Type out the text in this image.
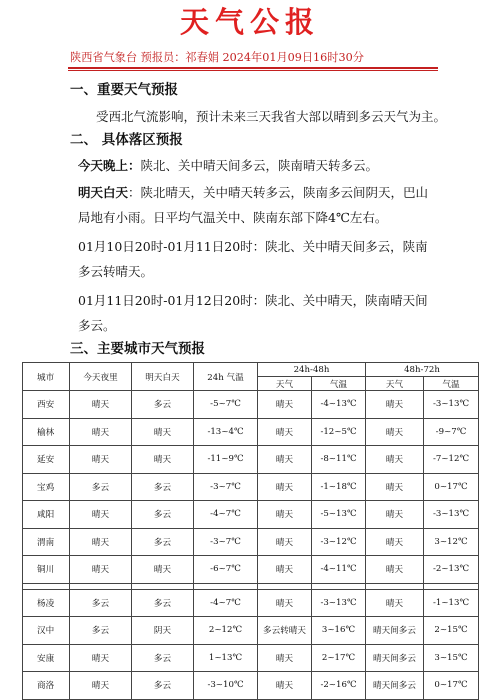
天气公报
陕西省气象台 预报员：祁春娟 2024年01月09日16时30分
一、重要天气预报
受西北气流影响，预计未来三天我省大部以晴到多云天气为主。
二、 具体落区预报
今天晚上：陕北、关中晴天间多云，陕南晴天转多云。
明天白天：陕北晴天，关中晴天转多云，陕南多云间阴天，巴山局地有小雨。日平均气温关中、陕南东部下降4℃左右。
01月10日20时-01月11日20时：陕北、关中晴天间多云，陕南多云转晴天。
01月11日20时-01月12日20时：陕北、关中晴天，陕南晴天间多云。
三、主要城市天气预报
城市	今天夜里	明天白天	24h 气温	24h-48h		48h-72h	
				天气	气温	天气	气温
西安	晴天	多云	-5~7℃	晴天	-4~13℃	晴天	-3~13℃
榆林	晴天	晴天	-13~4℃	晴天	-12~5℃	晴天	-9~7℃
延安	晴天	晴天	-11~9℃	晴天	-8~11℃	晴天	-7~12℃
宝鸡	多云	多云	-3~7℃	晴天	-1~18℃	晴天	0~17℃
咸阳	晴天	多云	-4~7℃	晴天	-5~13℃	晴天	-3~13℃
渭南	晴天	多云	-3~7℃	晴天	-3~12℃	晴天	3~12℃
铜川	晴天	晴天	-6~7℃	晴天	-4~11℃	晴天	-2~13℃

杨凌	多云	多云	-4~7℃	晴天	-3~13℃	晴天	-1~13℃
汉中	多云	阴天	2~12℃	多云转晴天	3~16℃	晴天间多云	2~15℃
安康	晴天	多云	1~13℃	晴天	2~17℃	晴天间多云	3~15℃
商洛	晴天	多云	-3~10℃	晴天	-2~16℃	晴天间多云	0~17℃
